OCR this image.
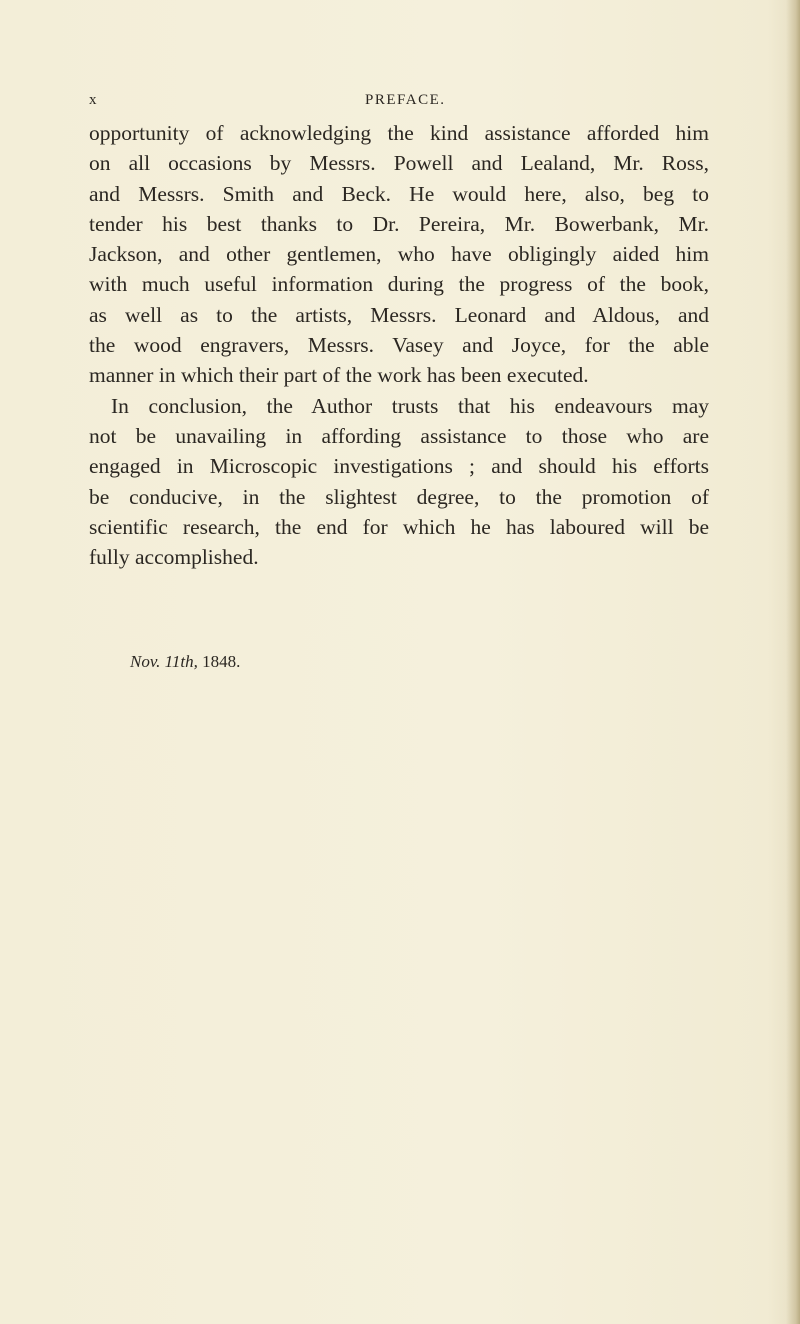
x	PREFACE.
opportunity of acknowledging the kind assistance afforded him
on all occasions by Messrs. Powell and Lealand, Mr. Ross,
and Messrs. Smith and Beck. He would here, also, beg to
tender his best thanks to Dr. Pereira, Mr. Bowerbank, Mr.
Jackson, and other gentlemen, who have obligingly aided him
with much useful information during the progress of the book,
as well as to the artists, Messrs. Leonard and Aldous, and
the wood engravers, Messrs. Vasey and Joyce, for the able
manner in which their part of the work has been executed.
In conclusion, the Author trusts that his endeavours may
not be unavailing in affording assistance to those who are
engaged in Microscopic investigations ; and should his efforts
be conducive, in the slightest degree, to the promotion of
scientific research, the end for which he has laboured will be
fully accomplished.
Nov. 11th, 1848.
